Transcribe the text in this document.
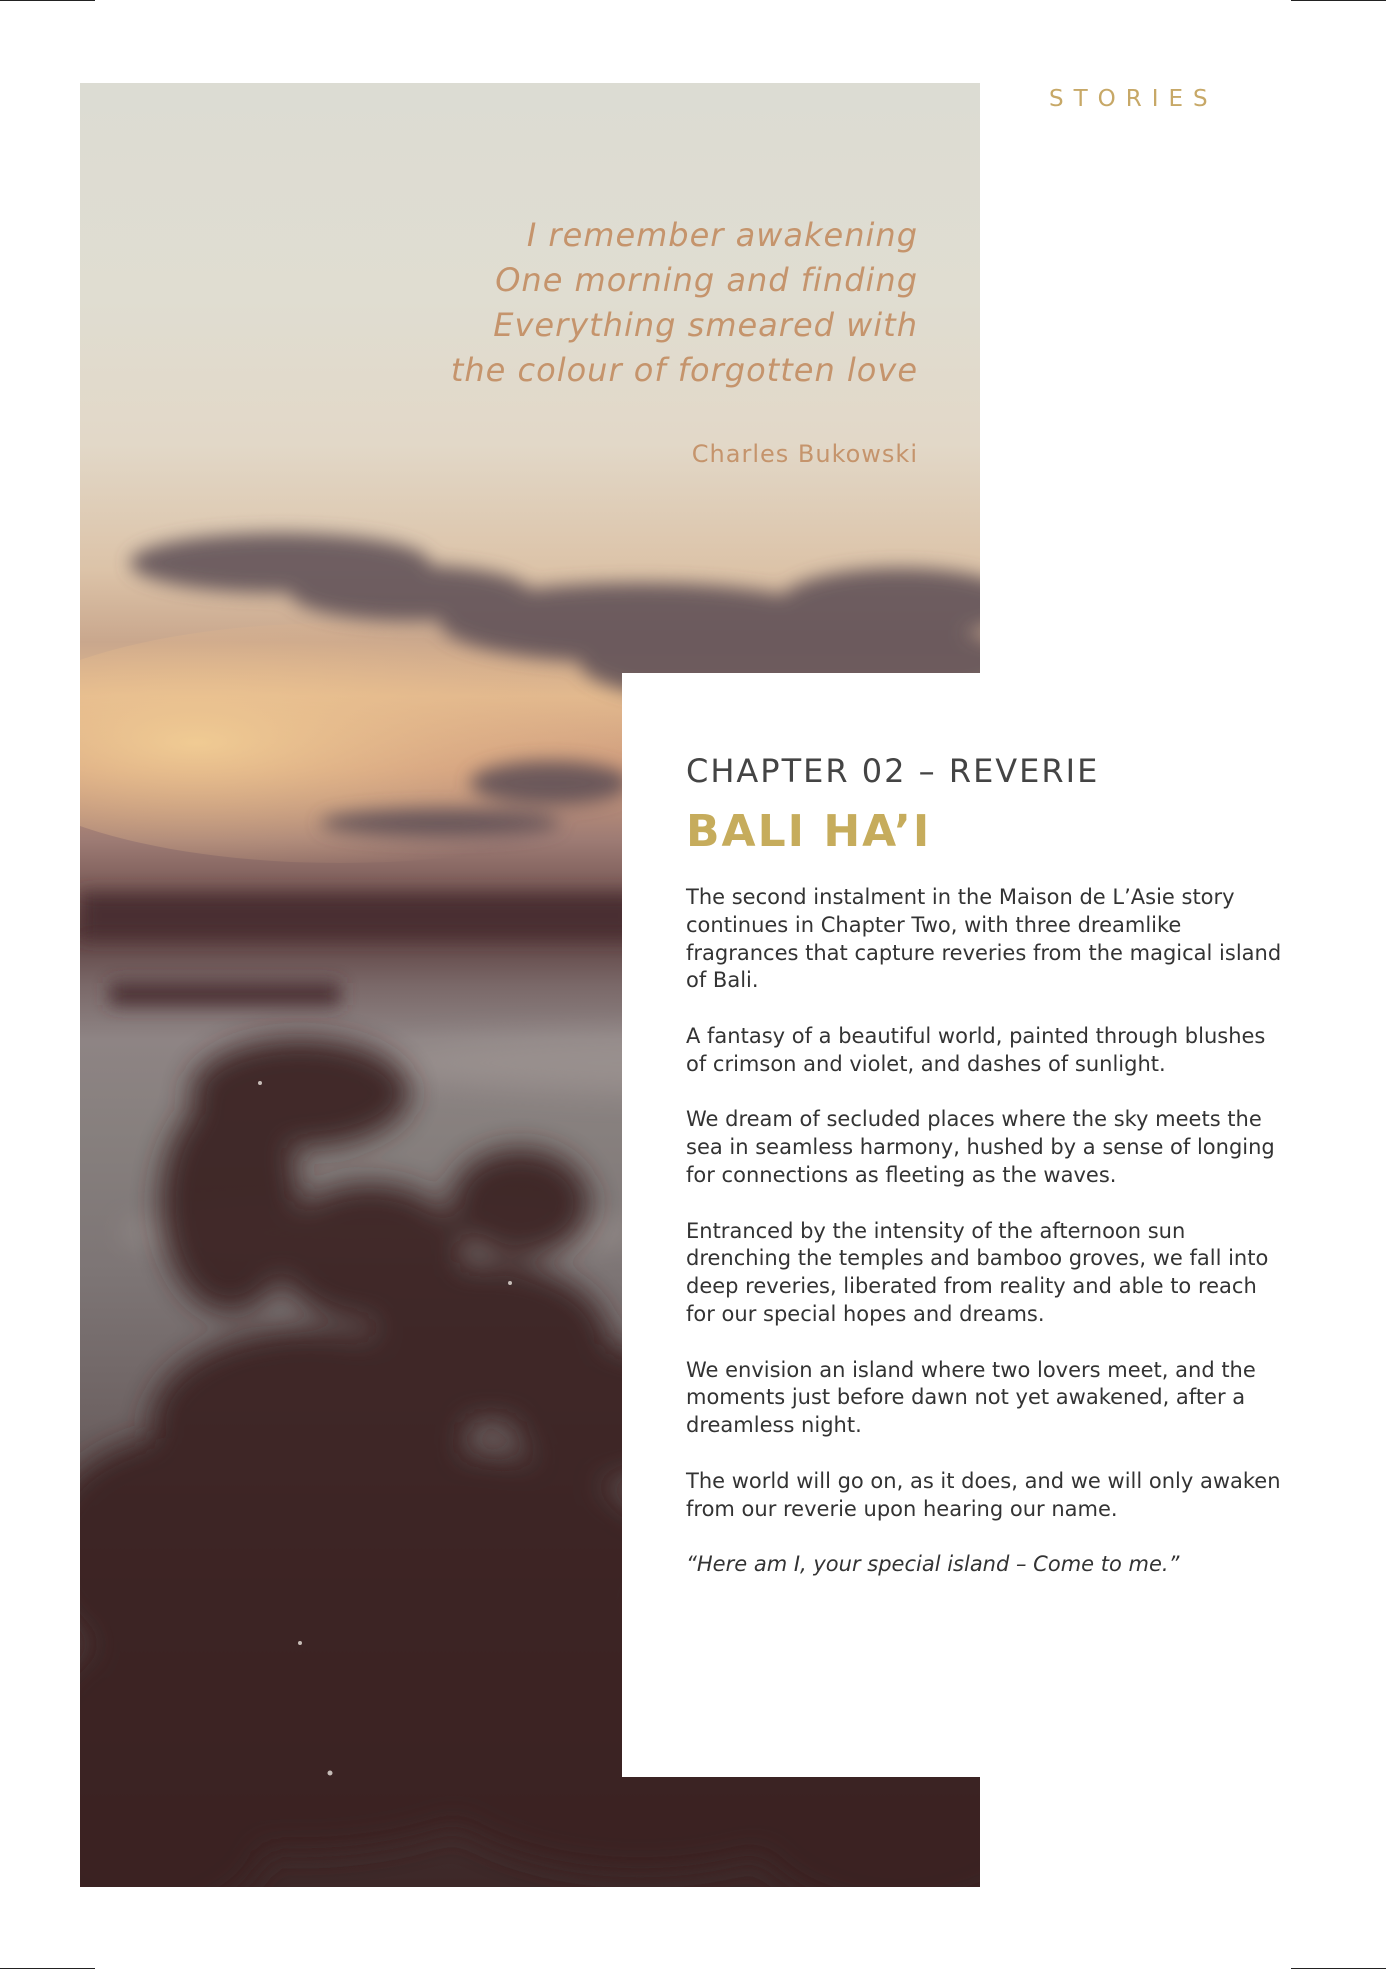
STORIES
I remember awakening
One morning and finding
Everything smeared with
the colour of forgotten love
Charles Bukowski
CHAPTER 02 – REVERIE
BALI HA’I

The second instalment in the Maison de L’Asie story continues in Chapter Two, with three dreamlike fragrances that capture reveries from the magical island of Bali.

A fantasy of a beautiful world, painted through blushes of crimson and violet, and dashes of sunlight.

We dream of secluded places where the sky meets the sea in seamless harmony, hushed by a sense of longing for connections as fleeting as the waves.

Entranced by the intensity of the afternoon sun drenching the temples and bamboo groves, we fall into deep reveries, liberated from reality and able to reach for our special hopes and dreams.

We envision an island where two lovers meet, and the moments just before dawn not yet awakened, after a dreamless night.

The world will go on, as it does, and we will only awaken from our reverie upon hearing our name.

“Here am I, your special island – Come to me.”
